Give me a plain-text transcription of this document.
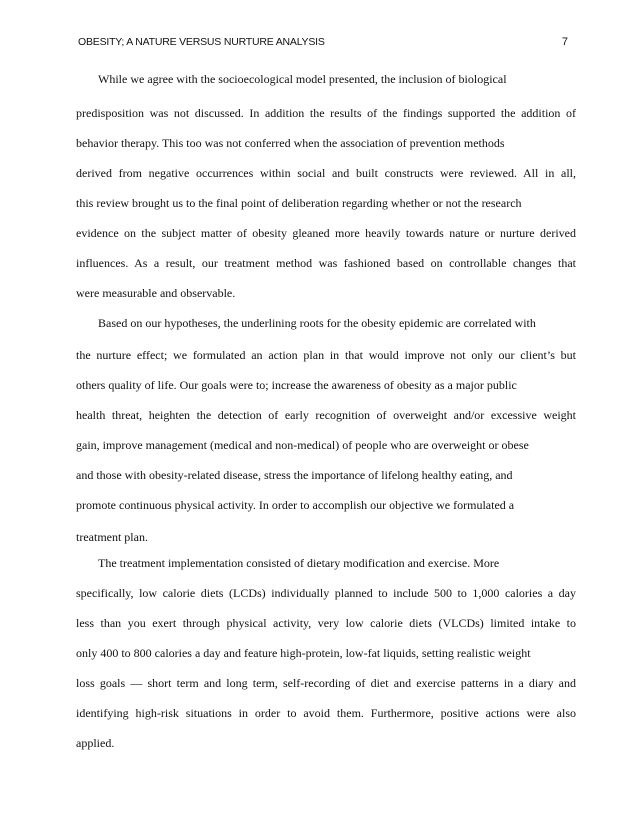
OBESITY; A NATURE VERSUS NURTURE ANALYSIS	7
While we agree with the socioecological model presented, the inclusion of biological
predisposition was not discussed. In addition the results of the findings supported the addition of
behavior therapy. This too was not conferred when the association of prevention methods
derived from negative occurrences within social and built constructs were reviewed. All in all,
this review brought us to the final point of deliberation regarding whether or not the research
evidence on the subject matter of obesity gleaned more heavily towards nature or nurture derived
influences. As a result, our treatment method was fashioned based on controllable changes that
were measurable and observable.
Based on our hypotheses, the underlining roots for the obesity epidemic are correlated with
the nurture effect; we formulated an action plan in that would improve not only our client’s but
others quality of life. Our goals were to; increase the awareness of obesity as a major public
health threat, heighten the detection of early recognition of overweight and/or excessive weight
gain, improve management (medical and non-medical) of people who are overweight or obese
and those with obesity-related disease, stress the importance of lifelong healthy eating, and
promote continuous physical activity. In order to accomplish our objective we formulated a
treatment plan.
The treatment implementation consisted of dietary modification and exercise. More
specifically, low calorie diets (LCDs) individually planned to include 500 to 1,000 calories a day
less than you exert through physical activity, very low calorie diets (VLCDs) limited intake to
only 400 to 800 calories a day and feature high-protein, low-fat liquids, setting realistic weight
loss goals — short term and long term, self-recording of diet and exercise patterns in a diary and
identifying high-risk situations in order to avoid them. Furthermore, positive actions were also
applied.
